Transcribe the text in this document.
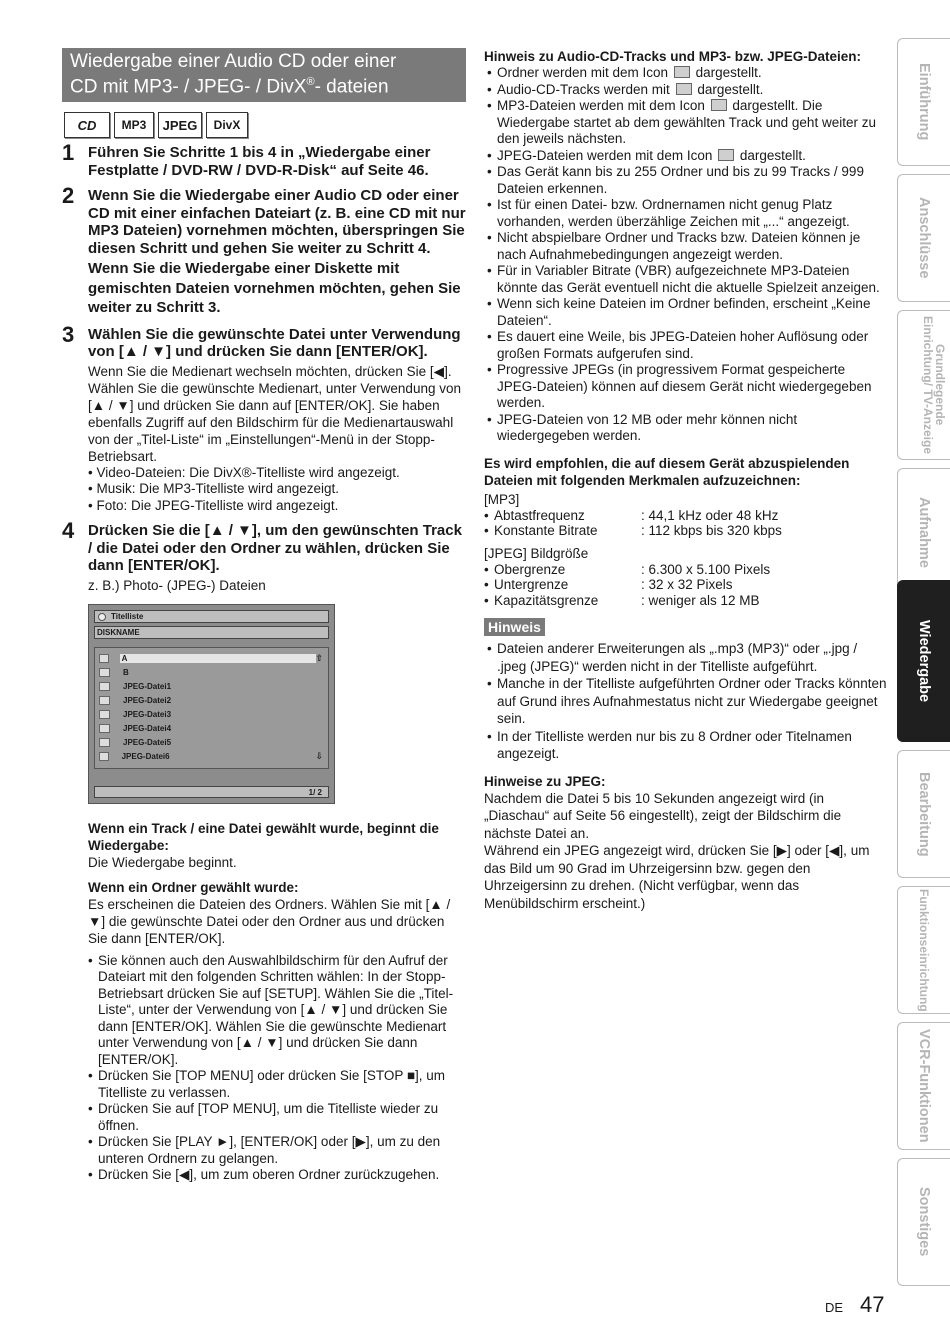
Wiedergabe einer Audio CD oder einer
CD mit MP3- / JPEG- / DivX®- dateien
CD	MP3	JPEG	DivX
1 Führen Sie Schritte 1 bis 4 in „Wiedergabe einer Festplatte / DVD-RW / DVD-R-Disk“ auf Seite 46.
2 Wenn Sie die Wiedergabe einer Audio CD oder einer CD mit einer einfachen Dateiart (z. B. eine CD mit nur MP3 Dateien) vornehmen möchten, überspringen Sie diesen Schritt und gehen Sie weiter zu Schritt 4.
Wenn Sie die Wiedergabe einer Diskette mit gemischten Dateien vornehmen möchten, gehen Sie weiter zu Schritt 3.
3 Wählen Sie die gewünschte Datei unter Verwendung von [▲ / ▼] und drücken Sie dann [ENTER/OK].
Wenn Sie die Medienart wechseln möchten, drücken Sie [◀]. Wählen Sie die gewünschte Medienart, unter Verwendung von [▲ / ▼] und drücken Sie dann auf [ENTER/OK]. Sie haben ebenfalls Zugriff auf den Bildschirm für die Medienartauswahl von der „Titel-Liste“ im „Einstellungen“-Menü in der Stopp-Betriebsart.
• Video-Dateien: Die DivX®-Titelliste wird angezeigt.
• Musik: Die MP3-Titelliste wird angezeigt.
• Foto: Die JPEG-Titelliste wird angezeigt.
4 Drücken Sie die [▲ / ▼], um den gewünschten Track / die Datei oder den Ordner zu wählen, drücken Sie dann [ENTER/OK].
z. B.) Photo- (JPEG-) Dateien
Titelliste
DISKNAME
A	⇧
B
JPEG-Datei1
JPEG-Datei2
JPEG-Datei3
JPEG-Datei4
JPEG-Datei5
JPEG-Datei6	⇩
1/ 2
Wenn ein Track / eine Datei gewählt wurde, beginnt die Wiedergabe:
Die Wiedergabe beginnt.
Wenn ein Ordner gewählt wurde:
Es erscheinen die Dateien des Ordners. Wählen Sie mit [▲ / ▼] die gewünschte Datei oder den Ordner aus und drücken Sie dann [ENTER/OK].
• Sie können auch den Auswahlbildschirm für den Aufruf der Dateiart mit den folgenden Schritten wählen: In der Stopp-Betriebsart drücken Sie auf [SETUP]. Wählen Sie die „Titel-Liste“, unter der Verwendung von [▲ / ▼] und drücken Sie dann [ENTER/OK]. Wählen Sie die gewünschte Medienart unter Verwendung von [▲ / ▼] und drücken Sie dann [ENTER/OK].
• Drücken Sie [TOP MENU] oder drücken Sie [STOP ■], um Titelliste zu verlassen.
• Drücken Sie auf [TOP MENU], um die Titelliste wieder zu öffnen.
• Drücken Sie [PLAY ►], [ENTER/OK] oder [▶], um zu den unteren Ordnern zu gelangen.
• Drücken Sie [◀], um zum oberen Ordner zurückzugehen.
Hinweis zu Audio-CD-Tracks und MP3- bzw. JPEG-Dateien:
• Ordner werden mit dem Icon dargestellt.
• Audio-CD-Tracks werden mit dargestellt.
• MP3-Dateien werden mit dem Icon dargestellt. Die Wiedergabe startet ab dem gewählten Track und geht weiter zu den jeweils nächsten.
• JPEG-Dateien werden mit dem Icon dargestellt.
• Das Gerät kann bis zu 255 Ordner und bis zu 99 Tracks / 999 Dateien erkennen.
• Ist für einen Datei- bzw. Ordnernamen nicht genug Platz vorhanden, werden überzählige Zeichen mit „...“ angezeigt.
• Nicht abspielbare Ordner und Tracks bzw. Dateien können je nach Aufnahmebedingungen angezeigt werden.
• Für in Variabler Bitrate (VBR) aufgezeichnete MP3-Dateien könnte das Gerät eventuell nicht die aktuelle Spielzeit anzeigen.
• Wenn sich keine Dateien im Ordner befinden, erscheint „Keine Dateien“.
• Es dauert eine Weile, bis JPEG-Dateien hoher Auflösung oder großen Formats aufgerufen sind.
• Progressive JPEGs (in progressivem Format gespeicherte JPEG-Dateien) können auf diesem Gerät nicht wiedergegeben werden.
• JPEG-Dateien von 12 MB oder mehr können nicht wiedergegeben werden.
Es wird empfohlen, die auf diesem Gerät abzuspielenden Dateien mit folgenden Merkmalen aufzuzeichnen:
[MP3]
• Abtastfrequenz	: 44,1 kHz oder 48 kHz
• Konstante Bitrate	: 112 kbps bis 320 kbps
[JPEG] Bildgröße
• Obergrenze	: 6.300 x 5.100 Pixels
• Untergrenze	: 32 x 32 Pixels
• Kapazitätsgrenze	: weniger als 12 MB
Hinweis
• Dateien anderer Erweiterungen als „.mp3 (MP3)“ oder „.jpg / .jpeg (JPEG)“ werden nicht in der Titelliste aufgeführt.
• Manche in der Titelliste aufgeführten Ordner oder Tracks könnten auf Grund ihres Aufnahmestatus nicht zur Wiedergabe geeignet sein.
• In der Titelliste werden nur bis zu 8 Ordner oder Titelnamen angezeigt.
Hinweise zu JPEG:
Nachdem die Datei 5 bis 10 Sekunden angezeigt wird (in „Diaschau“ auf Seite 56 eingestellt), zeigt der Bildschirm die nächste Datei an.
Während ein JPEG angezeigt wird, drücken Sie [▶] oder [◀], um das Bild um 90 Grad im Uhrzeigersinn bzw. gegen den Uhrzeigersinn zu drehen. (Nicht verfügbar, wenn das Menübildschirm erscheint.)
Einführung
Anschlüsse
Grundlegende Einrichtung/ TV-Anzeige
Aufnahme
Wiedergabe
Bearbeitung
Funktionseinrichtung
VCR-Funktionen
Sonstiges
DE 47
